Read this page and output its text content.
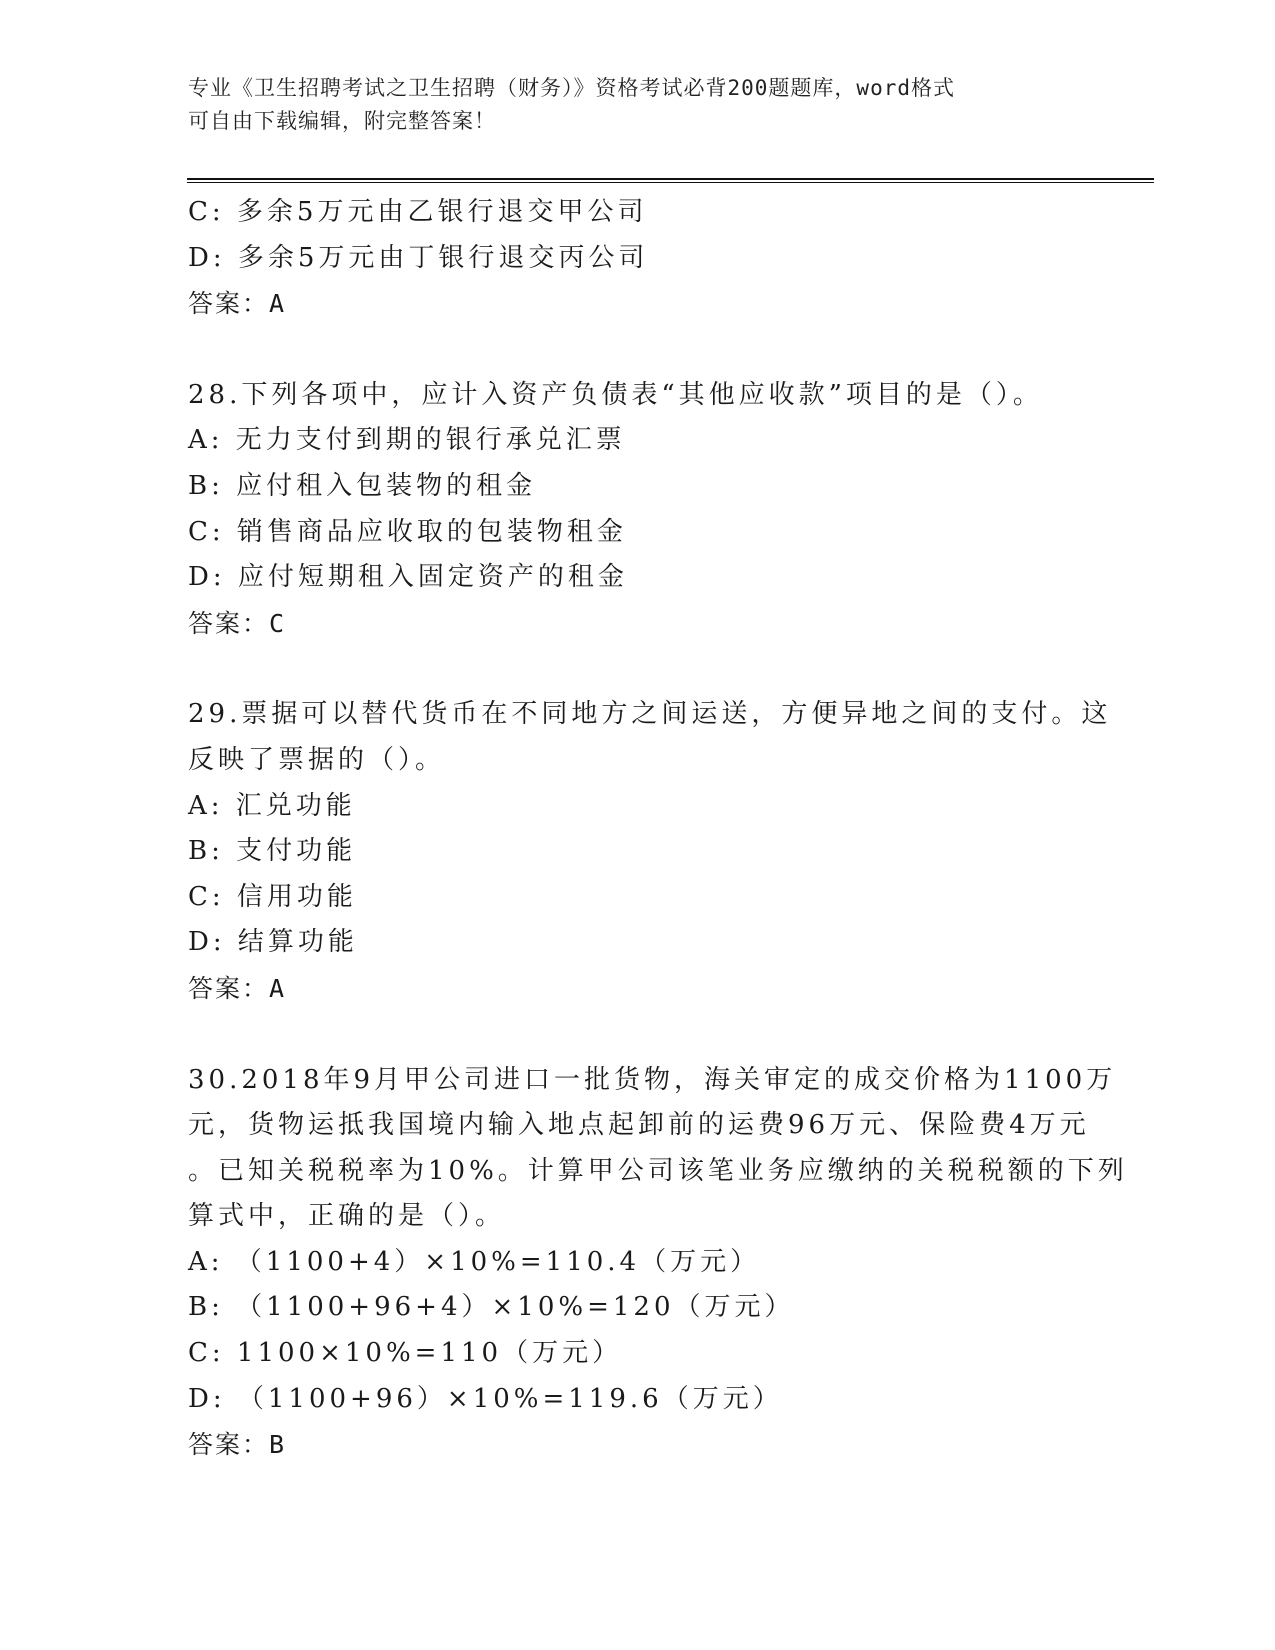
专业《卫生招聘考试之卫生招聘（财务）》资格考试必背200题题库，word格式
可自由下载编辑，附完整答案！
C: 多余5万元由乙银行退交甲公司
D: 多余5万元由丁银行退交丙公司
答案：A
28.下列各项中，应计入资产负债表“其他应收款”项目的是（）。
A: 无力支付到期的银行承兑汇票
B: 应付租入包装物的租金
C: 销售商品应收取的包装物租金
D: 应付短期租入固定资产的租金
答案：C
29.票据可以替代货币在不同地方之间运送，方便异地之间的支付。这
反映了票据的（）。
A: 汇兑功能
B: 支付功能
C: 信用功能
D: 结算功能
答案：A
30.2018年9月甲公司进口一批货物，海关审定的成交价格为1100万
元，货物运抵我国境内输入地点起卸前的运费96万元、保险费4万元
。已知关税税率为10%。计算甲公司该笔业务应缴纳的关税税额的下列
算式中，正确的是（）。
A: （1100+4）×10%=110.4（万元）
B: （1100+96+4）×10%=120（万元）
C: 1100×10%=110（万元）
D: （1100+96）×10%=119.6（万元）
答案：B
